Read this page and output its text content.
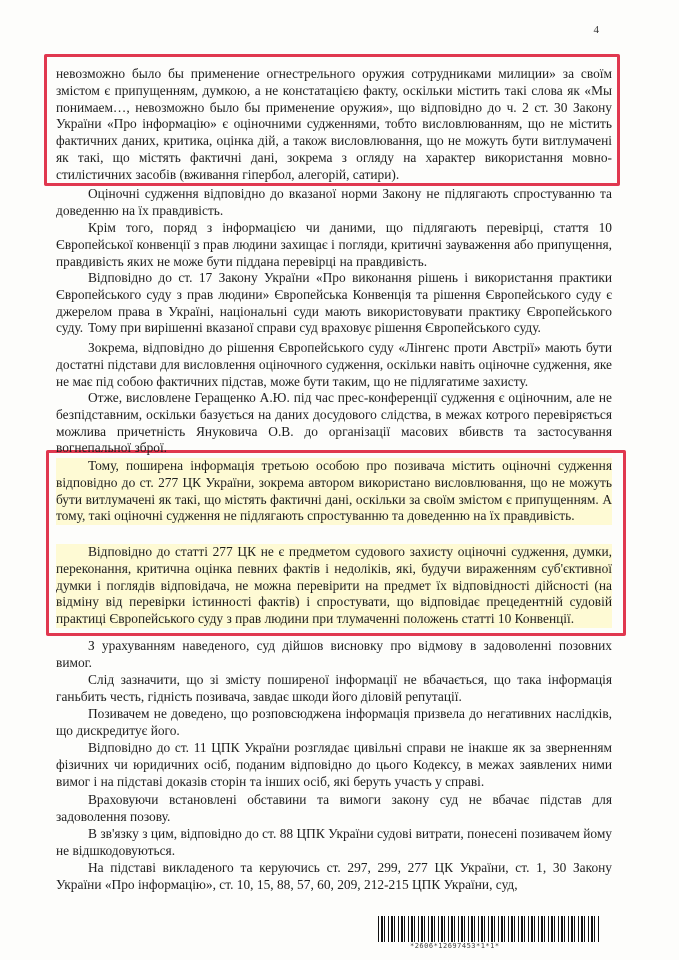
4

невозможно было бы применение огнестрельного оружия сотрудниками милиции» за своїм змістом є припущенням, думкою, а не констатацією факту, оскільки містить такі слова як «Мы понимаем…, невозможно было бы применение оружия», що відповідно до ч. 2 ст. 30 Закону України «Про інформацію» є оціночними судженнями, тобто висловлюванням, що не містить фактичних даних, критика, оцінка дій, а також висловлювання, що не можуть бути витлумачені як такі, що містять фактичні дані, зокрема з огляду на характер використання мовно-стилістичних засобів (вживання гіпербол, алегорій, сатири).

Оціночні судження відповідно до вказаної норми Закону не підлягають спростуванню та доведенню на їх правдивість.

Крім того, поряд з інформацією чи даними, що підлягають перевірці, стаття 10 Європейської конвенції з прав людини захищає і погляди, критичні зауваження або припущення, правдивість яких не може бути піддана перевірці на правдивість.

Відповідно до ст. 17 Закону України «Про виконання рішень і використання практики Європейського суду з прав людини» Європейська Конвенція та рішення Європейського суду є джерелом права в Україні, національні суди мають використовувати практику Європейського суду. Тому при вирішенні вказаної справи суд враховує рішення Європейського суду.

Зокрема, відповідно до рішення Європейського суду «Лінгенс проти Австрії» мають бути достатні підстави для висловлення оціночного судження, оскільки навіть оціночне судження, яке не має під собою фактичних підстав, може бути таким, що не підлягатиме захисту.

Отже, висловлене Геращенко А.Ю. під час прес-конференції судження є оціночним, але не безпідставним, оскільки базується на даних досудового слідства, в межах котрого перевіряється можлива причетність Януковича О.В. до організації масових вбивств та застосування вогнепальної зброї.

Тому, поширена інформація третьою особою про позивача містить оціночні судження відповідно до ст. 277 ЦК України, зокрема автором використано висловлювання, що не можуть бути витлумачені як такі, що містять фактичні дані, оскільки за своїм змістом є припущенням. А тому, такі оціночні судження не підлягають спростуванню та доведенню на їх правдивість.

Відповідно до статті 277 ЦК не є предметом судового захисту оціночні судження, думки, переконання, критична оцінка певних фактів і недоліків, які, будучи вираженням суб'єктивної думки і поглядів відповідача, не можна перевірити на предмет їх відповідності дійсності (на відміну від перевірки істинності фактів) і спростувати, що відповідає прецедентній судовій практиці Європейського суду з прав людини при тлумаченні положень статті 10 Конвенції.

З урахуванням наведеного, суд дійшов висновку про відмову в задоволенні позовних вимог.

Слід зазначити, що зі змісту поширеної інформації не вбачається, що така інформація ганьбить честь, гідність позивача, завдає шкоди його діловій репутації.

Позивачем не доведено, що розповсюджена інформація призвела до негативних наслідків, що дискредитує його.

Відповідно до ст. 11 ЦПК України розглядає цивільні справи не інакше як за зверненням фізичних чи юридичних осіб, поданим відповідно до цього Кодексу, в межах заявлених ними вимог і на підставі доказів сторін та інших осіб, які беруть участь у справі.

Враховуючи встановлені обставини та вимоги закону суд не вбачає підстав для задоволення позову.

В зв'язку з цим, відповідно до ст. 88 ЦПК України судові витрати, понесені позивачем йому не відшкодовуються.

На підставі викладеного та керуючись ст. 297, 299, 277 ЦК України, ст. 1, 30 Закону України «Про інформацію», ст. 10, 15, 88, 57, 60, 209, 212-215 ЦПК України, суд,

*2606*12697453*1*1*
